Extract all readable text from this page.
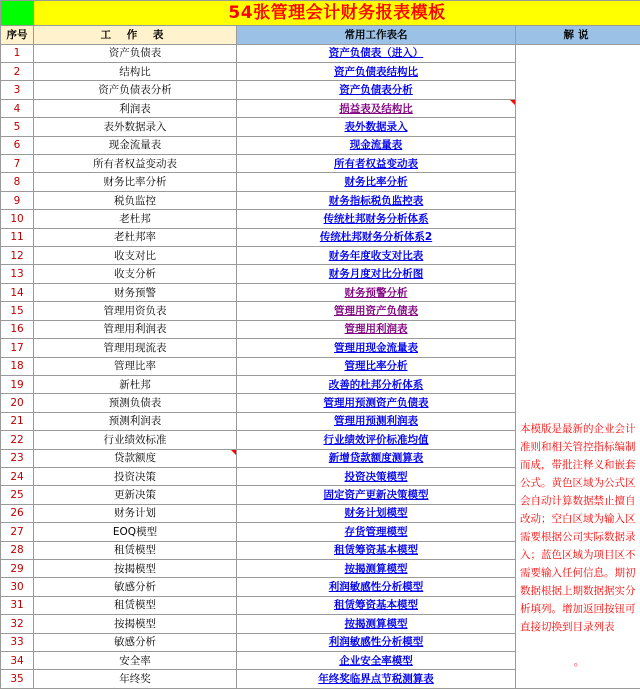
	54张管理会计财务报表模板		
序号	工 作 表	常用工作表名	解说
1	资产负债表	资产负债表（进入）	
2	结构比	资产负债表结构比	
3	资产负债表分析	资产负债表分析	
4	利润表	损益表及结构比	
5	表外数据录入	表外数据录入	
6	现金流量表	现金流量表	
7	所有者权益变动表	所有者权益变动表	
8	财务比率分析	财务比率分析	
9	税负监控	财务指标税负监控表	
10	老杜邦	传统杜邦财务分析体系	
11	老杜邦率	传统杜邦财务分析体系2	
12	收支对比	财务年度收支对比表	
13	收支分析	财务月度对比分析图	
14	财务预警	财务预警分析	
15	管理用资负表	管理用资产负债表	
16	管理用利润表	管理用利润表	
17	管理用现流表	管理用现金流量表	
18	管理比率	管理比率分析	
19	新杜邦	改善的杜邦分析体系	
20	预测负债表	管理用预测资产负债表	
21	预测利润表	管理用预测利润表	
22	行业绩效标准	行业绩效评价标准均值	
23	贷款额度	新增贷款额度测算表	
24	投资决策	投资决策模型	
25	更新决策	固定资产更新决策模型	
26	财务计划	财务计划模型	
27	EOQ模型	存货管理模型	
28	租赁模型	租赁筹资基本模型	
29	按揭模型	按揭测算模型	
30	敏感分析	利润敏感性分析模型	
31	租赁模型	租赁筹资基本模型	
32	按揭模型	按揭测算模型	
33	敏感分析	利润敏感性分析模型	
34	安全率	企业安全率模型	
35	年终奖	年终奖临界点节税测算表	
本模版是最新的企业会计准则和相关管控指标编制而成，带批注释义和嵌套公式。黄色区域为公式区会自动计算数据禁止擅自改动；空白区域为输入区需要根据公司实际数据录入；蓝色区域为项目区不需要输入任何信息。期初数据根据上期数据据实分析填列。增加返回按钮可直接切换到目录列表
。
